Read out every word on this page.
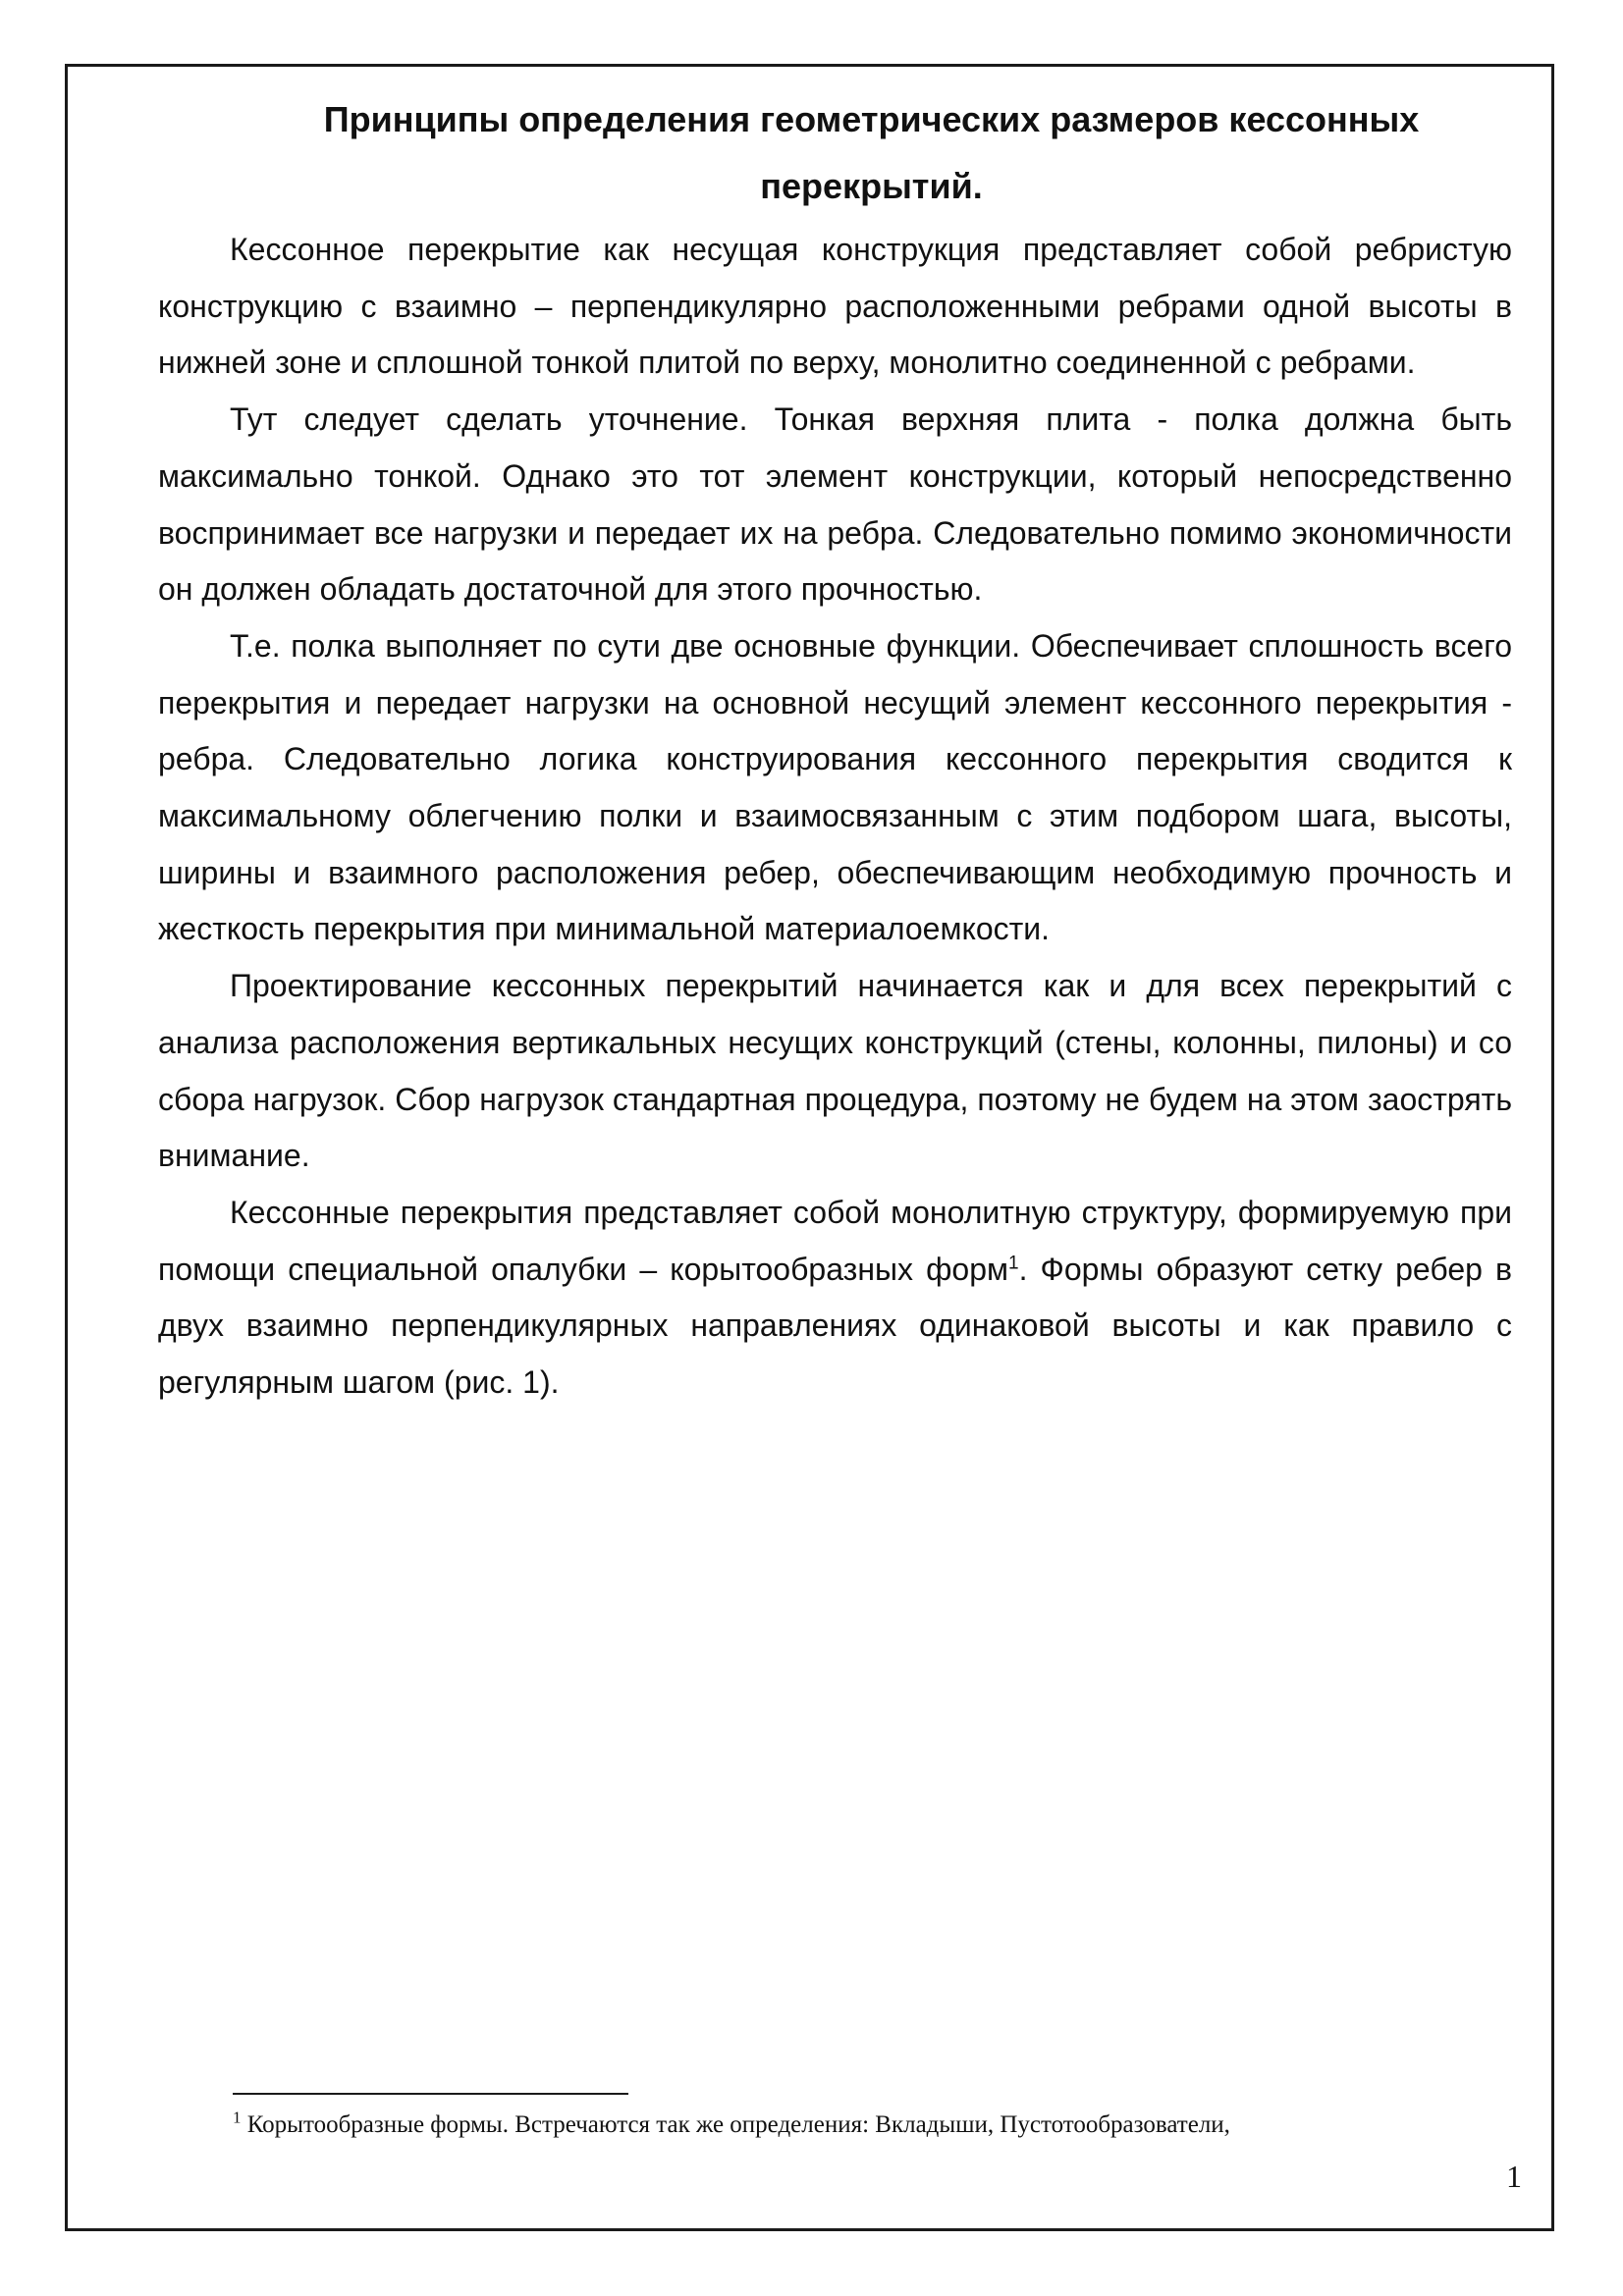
Принципы определения геометрических размеров кессонных
перекрытий.

Кессонное перекрытие как несущая конструкция представляет собой ребристую конструкцию с взаимно – перпендикулярно расположенными ребрами одной высоты в нижней зоне и сплошной тонкой плитой по верху, монолитно соединенной с ребрами.

Тут следует сделать уточнение. Тонкая верхняя плита - полка должна быть максимально тонкой. Однако это тот элемент конструкции, который непосредственно воспринимает все нагрузки и передает их на ребра. Следовательно помимо экономичности он должен обладать достаточной для этого прочностью.

Т.е. полка выполняет по сути две основные функции. Обеспечивает сплошность всего перекрытия и передает нагрузки на основной несущий элемент кессонного перекрытия - ребра. Следовательно логика конструирования кессонного перекрытия сводится к максимальному облегчению полки и взаимосвязанным с этим подбором шага, высоты, ширины и взаимного расположения ребер, обеспечивающим необходимую прочность и жесткость перекрытия при минимальной материалоемкости.

Проектирование кессонных перекрытий начинается как и для всех перекрытий с анализа расположения вертикальных несущих конструкций (стены, колонны, пилоны) и со сбора нагрузок. Сбор нагрузок стандартная процедура, поэтому не будем на этом заострять внимание.

Кессонные перекрытия представляет собой монолитную структуру, формируемую при помощи специальной опалубки – корытообразных форм$^1$. Формы образуют сетку ребер в двух взаимно перпендикулярных направлениях одинаковой высоты и как правило с регулярным шагом (рис. 1).

$^1$ Корытообразные формы. Встречаются так же определения: Вкладыши, Пустотообразователи,
1
